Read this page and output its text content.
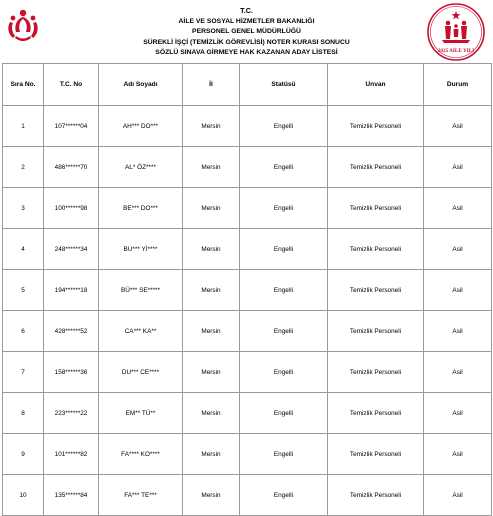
T.C.
AİLE VE SOSYAL HİZMETLER BAKANLIĞI
PERSONEL GENEL MÜDÜRLÜĞÜ
SÜREKLİ İŞÇİ (TEMİZLİK GÖREVLİSİ) NOTER KURASI SONUCU
SÖZLÜ SINAVA GİRMEYE HAK KAZANAN ADAY LİSTESİ	2025 AİLE YILI
Sıra No.	T.C. No	Adı Soyadı	İl	Statüsü	Unvan	Durum
1	107******04	AH*** DO***	Mersin	Engelli	Temizlik Personeli	Asil
2	486******70	AL* ÖZ****	Mersin	Engelli	Temizlik Personeli	Asil
3	100******98	BE*** DO***	Mersin	Engelli	Temizlik Personeli	Asil
4	248******34	BU*** Yİ****	Mersin	Engelli	Temizlik Personeli	Asil
5	194******18	BÜ*** SE*****	Mersin	Engelli	Temizlik Personeli	Asil
6	428******52	CA*** KA**	Mersin	Engelli	Temizlik Personeli	Asil
7	158******36	DU*** CE****	Mersin	Engelli	Temizlik Personeli	Asil
8	223******22	EM** TÜ**	Mersin	Engelli	Temizlik Personeli	Asil
9	101******82	FA**** KO****	Mersin	Engelli	Temizlik Personeli	Asil
10	135******84	FA*** TE***	Mersin	Engelli	Temizlik Personeli	Asil
